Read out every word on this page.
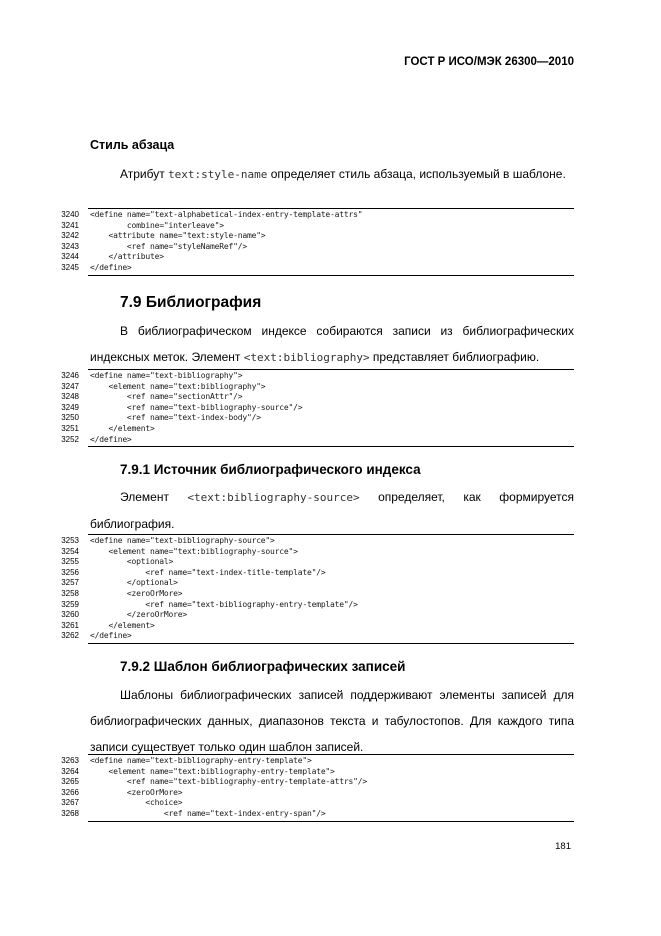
ГОСТ Р ИСО/МЭК 26300—2010
Стиль абзаца
Атрибут text:style-name определяет стиль абзаца, используемый в шаблоне.
3240 <define name="text-alphabetical-index-entry-template-attrs"
3241 combine="interleave">
3242 <attribute name="text:style-name">
3243 <ref name="styleNameRef"/>
3244 </attribute>
3245 </define>
7.9 Библиография
В библиографическом индексе собираются записи из библиографических индексных меток. Элемент <text:bibliography> представляет библиографию.
3246 <define name="text-bibliography">
3247 <element name="text:bibliography">
3248 <ref name="sectionAttr"/>
3249 <ref name="text-bibliography-source"/>
3250 <ref name="text-index-body"/>
3251 </element>
3252 </define>
7.9.1 Источник библиографического индекса
Элемент <text:bibliography-source> определяет, как формируется библиография.
3253 <define name="text-bibliography-source">
3254 <element name="text:bibliography-source">
3255 <optional>
3256 <ref name="text-index-title-template"/>
3257 </optional>
3258 <zeroOrMore>
3259 <ref name="text-bibliography-entry-template"/>
3260 </zeroOrMore>
3261 </element>
3262 </define>
7.9.2 Шаблон библиографических записей
Шаблоны библиографических записей поддерживают элементы записей для библиографических данных, диапазонов текста и табулостопов. Для каждого типа записи существует только один шаблон записей.
3263 <define name="text-bibliography-entry-template">
3264 <element name="text:bibliography-entry-template">
3265 <ref name="text-bibliography-entry-template-attrs"/>
3266 <zeroOrMore>
3267 <choice>
3268 <ref name="text-index-entry-span"/>
181
